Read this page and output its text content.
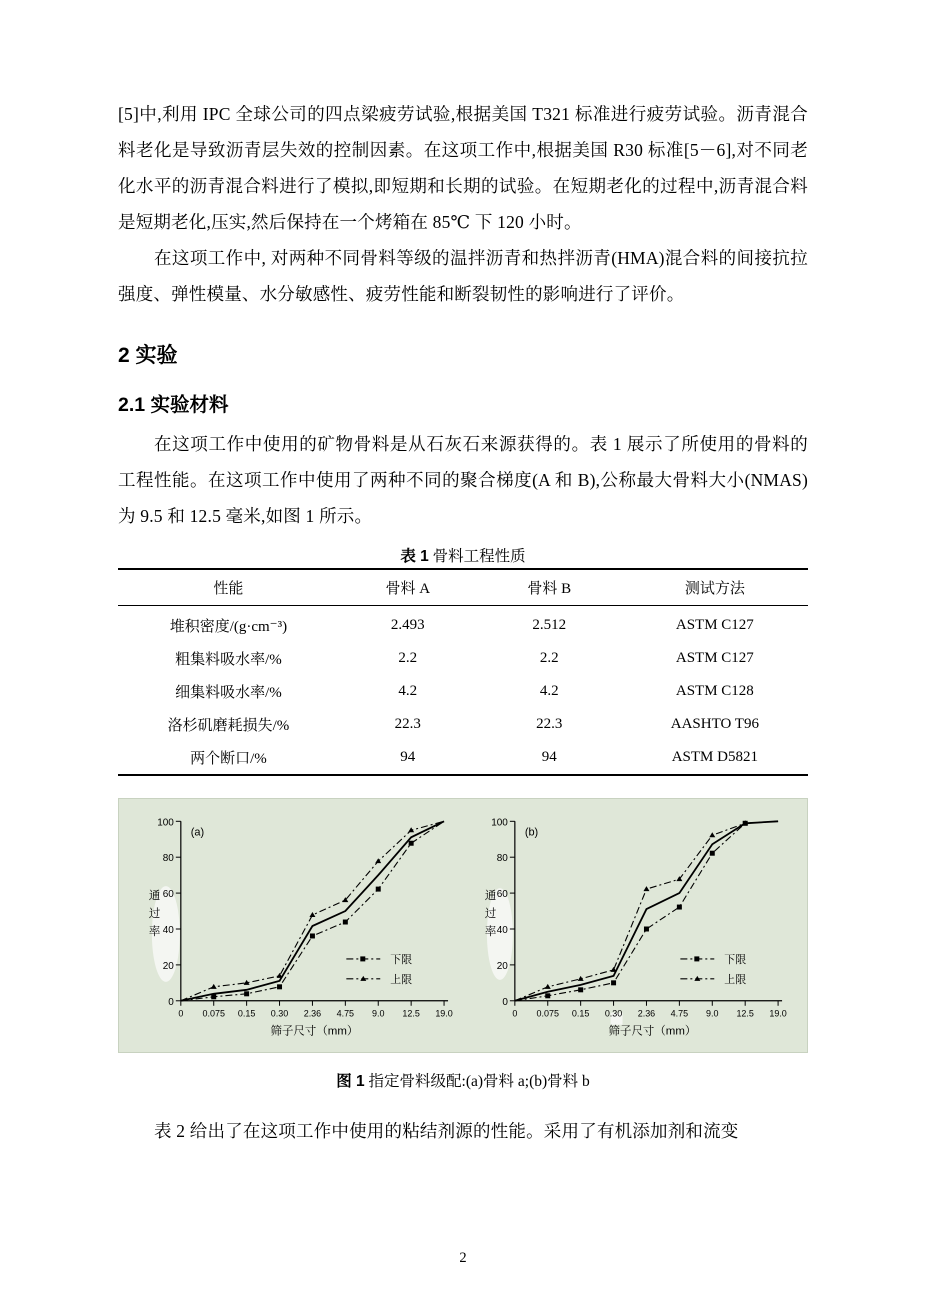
[5]中,利用 IPC 全球公司的四点梁疲劳试验,根据美国 T321 标准进行疲劳试验。沥青混合料老化是导致沥青层失效的控制因素。在这项工作中,根据美国 R30 标准[5－6],对不同老化水平的沥青混合料进行了模拟,即短期和长期的试验。在短期老化的过程中,沥青混合料是短期老化,压实,然后保持在一个烤箱在 85℃ 下 120 小时。

在这项工作中, 对两种不同骨料等级的温拌沥青和热拌沥青(HMA)混合料的间接抗拉强度、弹性模量、水分敏感性、疲劳性能和断裂韧性的影响进行了评价。

2 实验
2.1 实验材料

在这项工作中使用的矿物骨料是从石灰石来源获得的。表 1 展示了所使用的骨料的工程性能。在这项工作中使用了两种不同的聚合梯度(A 和 B),公称最大骨料大小(NMAS)为 9.5 和 12.5 毫米,如图 1 所示。

表 1 骨料工程性质
性能	骨料 A	骨料 B	测试方法
堆积密度/(g·cm⁻³)	2.493	2.512	ASTM C127
粗集料吸水率/%	2.2	2.2	ASTM C127
细集料吸水率/%	4.2	4.2	ASTM C128
洛杉矶磨耗损失/%	22.3	22.3	AASHTO T96
两个断口/%	94	94	ASTM D5821
0
20
40
60
80
100
0 0.075 0.15 0.30 2.36 4.75 9.0 12.5 19.0
(a)
下限
上限
筛子尺寸（mm）
通
过
率
0
20
40
60
80
100
0 0.075 0.15 0.30 2.36 4.75 9.0 12.5 19.0
(b)
下限
上限
筛子尺寸（mm）
通
过
率
图 1 指定骨料级配:(a)骨料 a;(b)骨料 b

表 2 给出了在这项工作中使用的粘结剂源的性能。采用了有机添加剂和流变

2
